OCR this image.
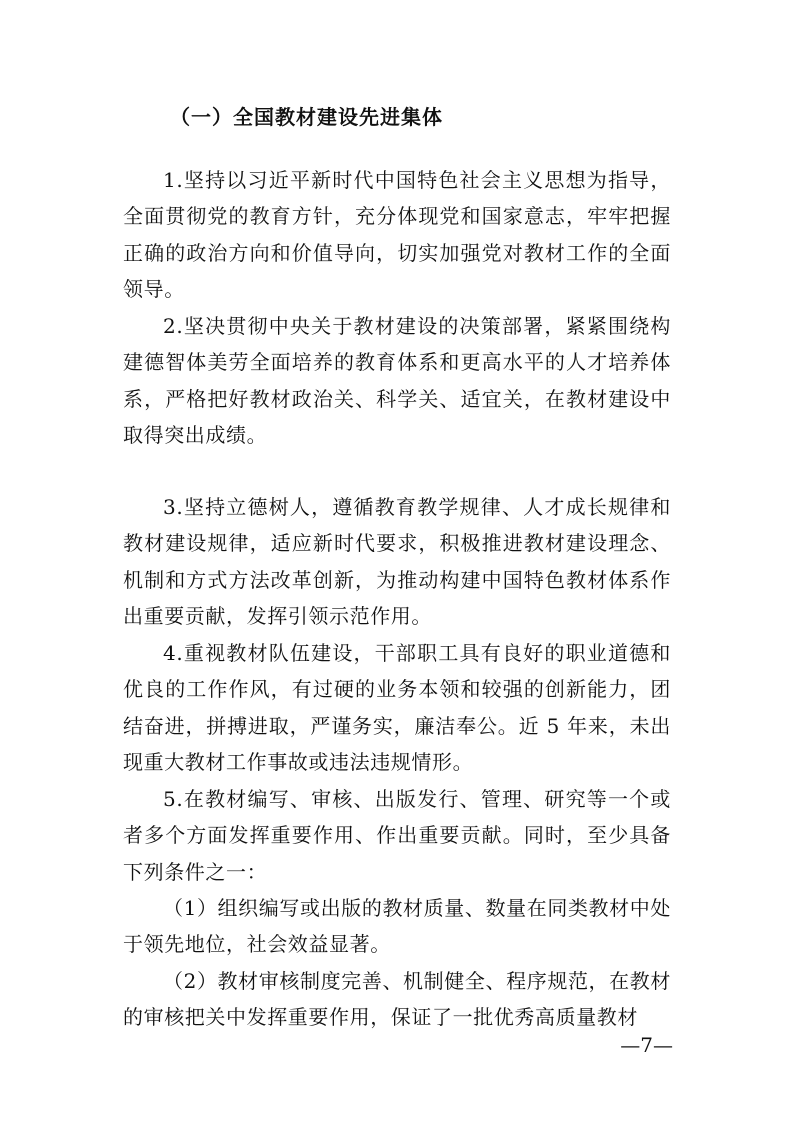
（一）全国教材建设先进集体

1.坚持以习近平新时代中国特色社会主义思想为指导，全面贯彻党的教育方针，充分体现党和国家意志，牢牢把握正确的政治方向和价值导向，切实加强党对教材工作的全面领导。

2.坚决贯彻中央关于教材建设的决策部署，紧紧围绕构建德智体美劳全面培养的教育体系和更高水平的人才培养体系，严格把好教材政治关、科学关、适宜关，在教材建设中取得突出成绩。

3.坚持立德树人，遵循教育教学规律、人才成长规律和教材建设规律，适应新时代要求，积极推进教材建设理念、机制和方式方法改革创新，为推动构建中国特色教材体系作出重要贡献，发挥引领示范作用。

4.重视教材队伍建设，干部职工具有良好的职业道德和优良的工作作风，有过硬的业务本领和较强的创新能力，团结奋进，拼搏进取，严谨务实，廉洁奉公。近 5 年来，未出现重大教材工作事故或违法违规情形。

5.在教材编写、审核、出版发行、管理、研究等一个或者多个方面发挥重要作用、作出重要贡献。同时，至少具备下列条件之一：

（1）组织编写或出版的教材质量、数量在同类教材中处于领先地位，社会效益显著。

（2）教材审核制度完善、机制健全、程序规范，在教材的审核把关中发挥重要作用，保证了一批优秀高质量教材

—7—
